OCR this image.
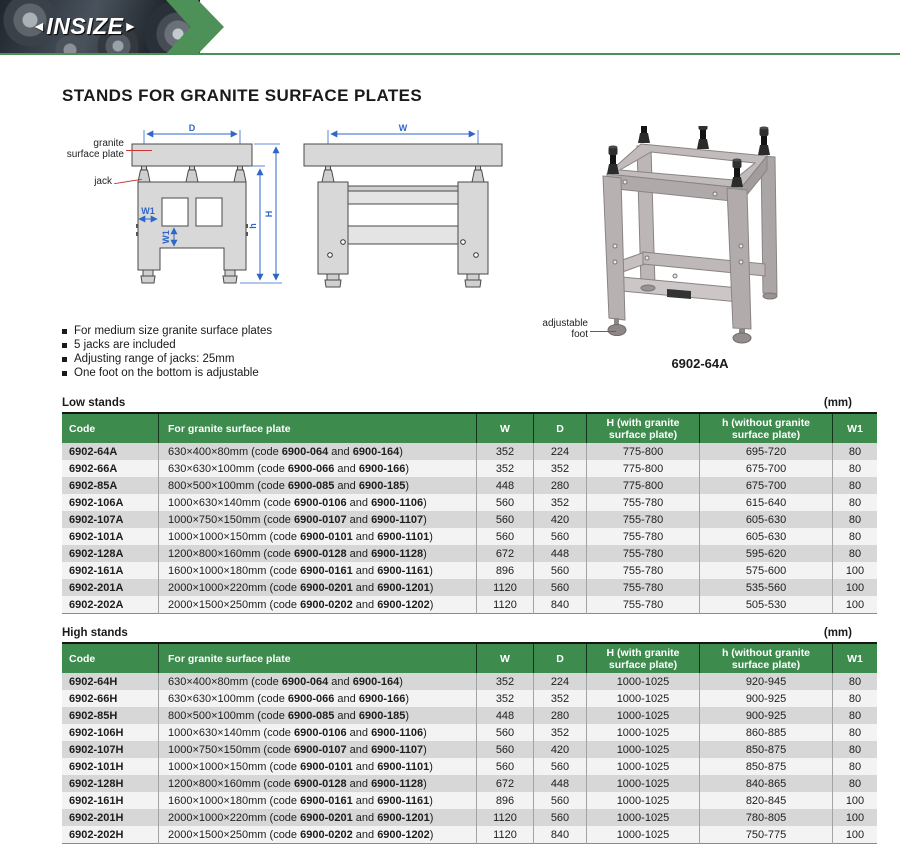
◄ INSIZE ►
STANDS FOR GRANITE SURFACE PLATES
D
W1
W1
h
H
W
granite surface plate
jack
adjustable foot
6902-64A
For medium size granite surface plates
5 jacks are included
Adjusting range of jacks: 25mm
One foot on the bottom is adjustable
Low stands	(mm)
Code	For granite surface plate	W	D	H (with granite surface plate)	h (without granite surface plate)	W1
6902-64A	630×400×80mm (code 6900-064 and 6900-164)	352	224	775-800	695-720	80
6902-66A	630×630×100mm (code 6900-066 and 6900-166)	352	352	775-800	675-700	80
6902-85A	800×500×100mm (code 6900-085 and 6900-185)	448	280	775-800	675-700	80
6902-106A	1000×630×140mm (code 6900-0106 and 6900-1106)	560	352	755-780	615-640	80
6902-107A	1000×750×150mm (code 6900-0107 and 6900-1107)	560	420	755-780	605-630	80
6902-101A	1000×1000×150mm (code 6900-0101 and 6900-1101)	560	560	755-780	605-630	80
6902-128A	1200×800×160mm (code 6900-0128 and 6900-1128)	672	448	755-780	595-620	80
6902-161A	1600×1000×180mm (code 6900-0161 and 6900-1161)	896	560	755-780	575-600	100
6902-201A	2000×1000×220mm (code 6900-0201 and 6900-1201)	1120	560	755-780	535-560	100
6902-202A	2000×1500×250mm (code 6900-0202 and 6900-1202)	1120	840	755-780	505-530	100
High stands	(mm)
Code	For granite surface plate	W	D	H (with granite surface plate)	h (without granite surface plate)	W1
6902-64H	630×400×80mm (code 6900-064 and 6900-164)	352	224	1000-1025	920-945	80
6902-66H	630×630×100mm (code 6900-066 and 6900-166)	352	352	1000-1025	900-925	80
6902-85H	800×500×100mm (code 6900-085 and 6900-185)	448	280	1000-1025	900-925	80
6902-106H	1000×630×140mm (code 6900-0106 and 6900-1106)	560	352	1000-1025	860-885	80
6902-107H	1000×750×150mm (code 6900-0107 and 6900-1107)	560	420	1000-1025	850-875	80
6902-101H	1000×1000×150mm (code 6900-0101 and 6900-1101)	560	560	1000-1025	850-875	80
6902-128H	1200×800×160mm (code 6900-0128 and 6900-1128)	672	448	1000-1025	840-865	80
6902-161H	1600×1000×180mm (code 6900-0161 and 6900-1161)	896	560	1000-1025	820-845	100
6902-201H	2000×1000×220mm (code 6900-0201 and 6900-1201)	1120	560	1000-1025	780-805	100
6902-202H	2000×1500×250mm (code 6900-0202 and 6900-1202)	1120	840	1000-1025	750-775	100
